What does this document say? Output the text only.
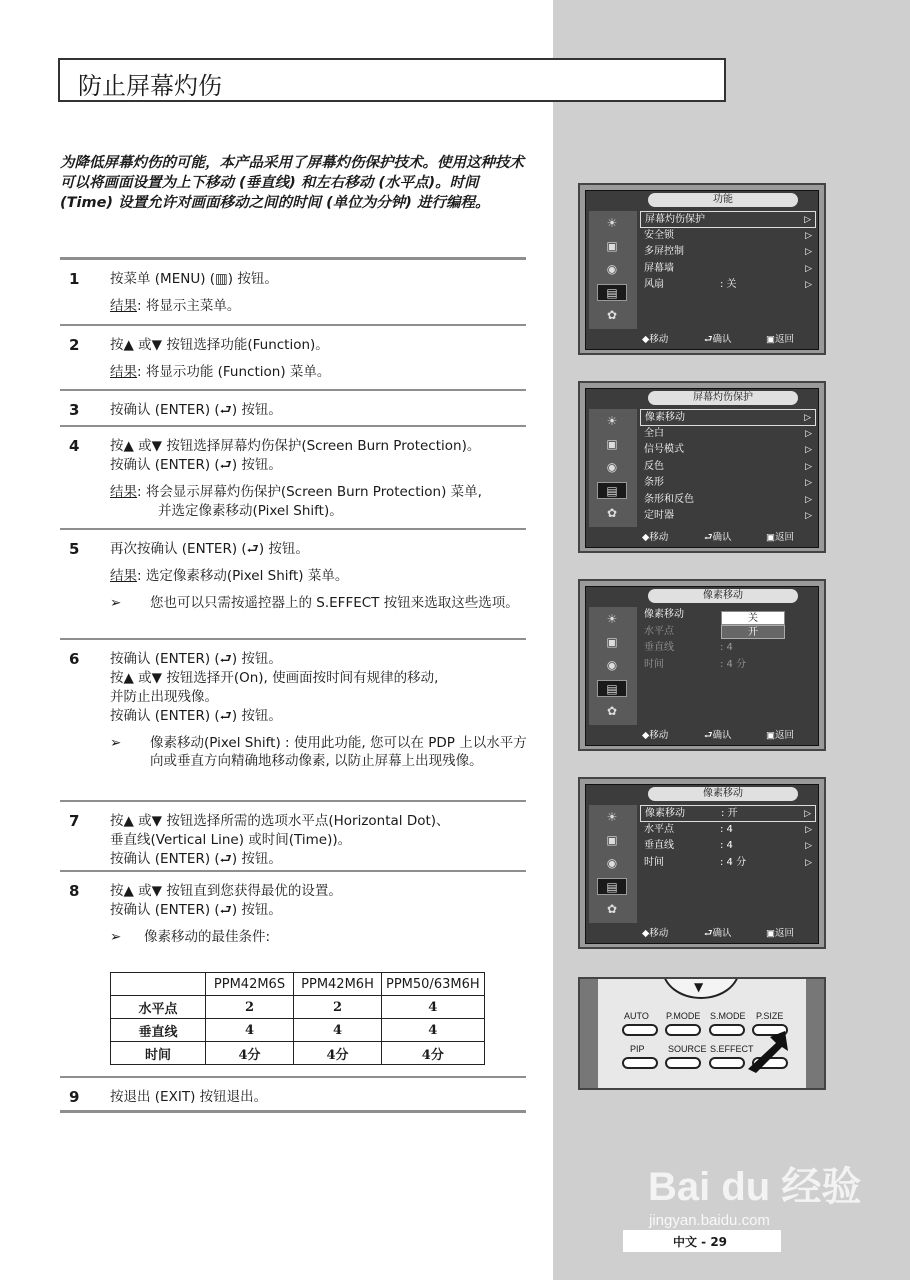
防止屏幕灼伤
为降低屏幕灼伤的可能，本产品采用了屏幕灼伤保护技术。使用这种技术可以将画面设置为上下移动 (垂直线) 和左右移动 (水平点)。时间 (Time) 设置允许对画面移动之间的时间 (单位为分钟) 进行编程。
1 按菜单 (MENU) (▥) 按钮。
结果: 将显示主菜单。
2 按▲ 或▼ 按钮选择功能(Function)。
结果: 将显示功能 (Function) 菜单。
3 按确认 (ENTER) (⮐) 按钮。
4 按▲ 或▼ 按钮选择屏幕灼伤保护(Screen Burn Protection)。
按确认 (ENTER) (⮐) 按钮。
结果: 将会显示屏幕灼伤保护(Screen Burn Protection) 菜单,
并选定像素移动(Pixel Shift)。
5 再次按确认 (ENTER) (⮐) 按钮。
结果: 选定像素移动(Pixel Shift) 菜单。
➢ 您也可以只需按遥控器上的 S.EFFECT 按钮来选取这些选项。
6 按确认 (ENTER) (⮐) 按钮。
按▲ 或▼ 按钮选择开(On), 使画面按时间有规律的移动,
并防止出现残像。
按确认 (ENTER) (⮐) 按钮。
➢ 像素移动(Pixel Shift) : 使用此功能, 您可以在 PDP 上以水平方向或垂直方向精确地移动像素, 以防止屏幕上出现残像。
7 按▲ 或▼ 按钮选择所需的选项水平点(Horizontal Dot)、
垂直线(Vertical Line) 或时间(Time))。
按确认 (ENTER) (⮐) 按钮。
8 按▲ 或▼ 按钮直到您获得最优的设置。
按确认 (ENTER) (⮐) 按钮。
➢ 像素移动的最佳条件:
	PPM42M6S	PPM42M6H	PPM50/63M6H
水平点	2	2	4
垂直线	4	4	4
时间	4分	4分	4分
9 按退出 (EXIT) 按钮退出。
功能
☀
▣
◉
▤
✿
屏幕灼伤保护	▷
安全锁	▷
多屏控制	▷
屏幕墙	▷
风扇	: 关	▷
◆移动	⮐确认	▣返回
屏幕灼伤保护
☀
▣
◉
▤
✿
像素移动	▷
全白	▷
信号模式	▷
反色	▷
条形	▷
条形和反色	▷
定时器	▷
◆移动	⮐确认	▣返回
像素移动
☀
▣
◉
▤
✿
像素移动
水平点
垂直线	: 4
时间	: 4 分
关
开
◆移动	⮐确认	▣返回
像素移动
☀
▣
◉
▤
✿
像素移动	: 开	▷
水平点	: 4	▷
垂直线	: 4	▷
时间	: 4 分	▷
◆移动	⮐确认	▣返回
▼
AUTO P.MODE S.MODE P.SIZE
PIP	SOURCE S.EFFECT
Bai du 经验
jingyan.baidu.com
中文 - 29
